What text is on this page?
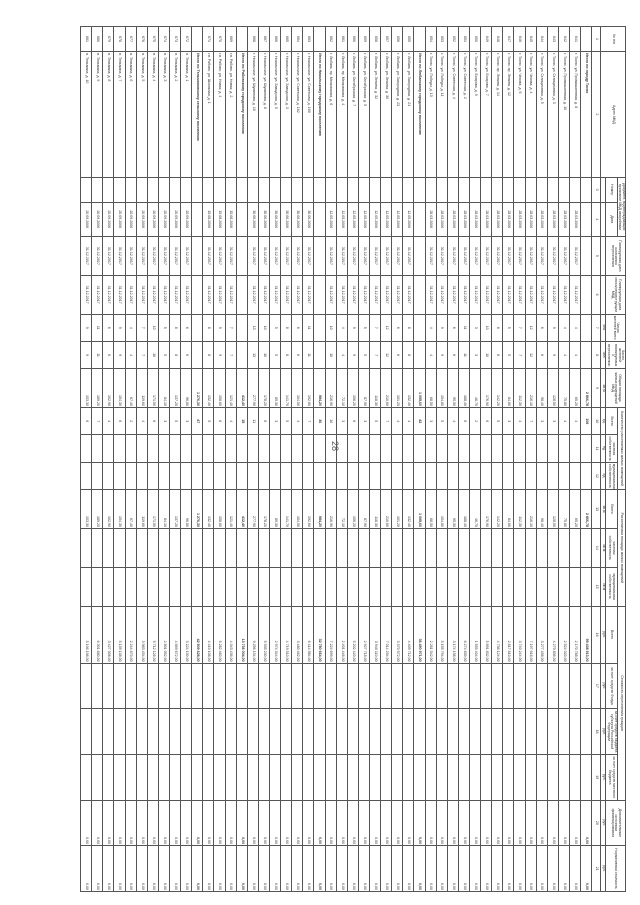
28
№ п/п	Адрес МКД	Документ, подтверждающий признание МКД аварийным		Планируемая дата окончания переселения	Планируемая дата сноса/реконструкции МКД	Число жителей всего	Число жителей планируемых к переселению	Общая площадь жилых помещений МКД	Количество расселяемых жилых помещений			Расселяемая площадь жилых помещений			Стоимость переселения граждан				Дополнительные источники финансирования	Нормативная стоимость
		Номер	Дата						Всего	частная собственность	муниципальная собственность	Всего	частная собственность	муниципальная собственность	Всего	за счет средств Фонда	за счет средств бюджета субъекта Российской Федерации	за счет средств местного бюджета		
						чел.	чел.	кв.м	ед.	ед.	ед.	кв.м	кв.м	кв.м	руб.	руб.	руб.	руб.	руб.	руб.
1	2	3	4	5	6	7	8	9	10	11	12	13	14	15	16	17	18	19	20	21
	Итого по городу Тосно							2 866,78	108			2 866,78			95 438 913,00				0,00	0,00
641	г. Тосно, ул. Промышленная, д. 8		28.03.2006	31.12.2017	31.12.2017	4	4	65,20	4			65,20			2 170 788,00				0,00	0,00
642	г. Тосно, ул. Промышленная, д. 10		28.03.2006	31.12.2017	31.12.2017	4	4	75,80	4			75,80			2 524 020,00				0,00	0,00
643	г. Тосно, ул. Станционная, д. 3		28.03.2006	31.12.2017	31.12.2017	9	9	128,50	3			128,50			4 279 836,00				0,00	0,00
644	г. Тосно, ул. Станционная, д. 5		28.03.2006	31.12.2017	31.12.2017	6	6	98,40	3			98,40			3 277 458,00				0,00	0,00
645	г. Тосно, ул. Чехова, д. 4		28.03.2006	31.12.2017	31.12.2017	12	12	216,10	7			216,10			7 197 618,00				0,00	0,00
646	г. Тосно, ул. Чехова, д. 6		28.03.2006	31.12.2017	31.12.2017	7	7	112,30	4			112,30			3 740 244,00				0,00	0,00
647	г. Тосно, пр. Ленина, д. 12		28.03.2006	31.12.2017	31.12.2017	5	5	84,60	3			84,60			2 817 810,00				0,00	0,00
648	г. Тосно, пр. Ленина, д. 14		28.03.2006	31.12.2017	31.12.2017	8	8	142,20	5			142,20			4 736 124,00				0,00	0,00
649	г. Тосно, ул. Боярова, д. 7		28.03.2006	31.12.2017	31.12.2017	10	10	176,90	6			176,90			5 891 832,00				0,00	0,00
650	г. Тосно, ул. Боярова, д. 9		28.03.2006	31.12.2017	31.12.2017	3	3	46,70	2			46,70			1 555 404,00				0,00	0,00
651	г. Тосно, ул. Советская, д. 2		28.03.2006	31.12.2017	31.12.2017	11	11	188,40	6			188,40			6 274 830,00				0,00	0,00
652	г. Тосно, ул. Советская, д. 4		28.03.2006	31.12.2017	31.12.2017	6	6	95,30	4			95,30			3 174 198,00				0,00	0,00
653	г. Тосно, ул. Победы, д. 11		28.03.2006	31.12.2017	31.12.2017	9	9	154,80	5			154,80			5 155 794,00				0,00	0,00
654	г. Тосно, ул. Победы, д. 13		28.03.2006	31.12.2017	31.12.2017	4	4	68,50	3			68,50			2 281 542,00				0,00	0,00
	Итого по Любанскому городскому поселению							1 095,60	42			1 095,60			36 490 971,00				0,00	0,00
655	г. Любань, ул. Загородная, д. 21		12.05.2006	31.12.2017	31.12.2017	8	8	132,40	4			132,40			4 409 712,00				0,00	0,00
656	г. Любань, ул. Загородная, д. 23		12.05.2006	31.12.2017	31.12.2017	6	6	101,20	4			101,20			3 370 572,00				0,00	0,00
657	г. Любань, ул. Ленина, д. 30		12.05.2006	31.12.2017	31.12.2017	12	12	210,60	7			210,60			7 014 294,00				0,00	0,00
658	г. Любань, ул. Ленина, д. 32		12.05.2006	31.12.2017	31.12.2017	7	7	118,30	5			118,30			3 940 110,00				0,00	0,00
659	г. Любань, ул. Октябрьская, д. 5		12.05.2006	31.12.2017	31.12.2017	5	5	87,90	3			87,90			2 927 718,00				0,00	0,00
660	г. Любань, ул. Октябрьская, д. 7		12.05.2006	31.12.2017	31.12.2017	9	9	156,20	6			156,20			5 202 420,00				0,00	0,00
661	г. Любань, пр. Мельникова, д. 4		12.05.2006	31.12.2017	31.12.2017	4	4	72,10	3			72,10			2 401 446,00				0,00	0,00
662	г. Любань, пр. Мельникова, д. 6		12.05.2006	31.12.2017	31.12.2017	10	10	216,90	10			216,90			7 224 699,00				0,00	0,00
	Итого по Никольскому городскому поселению							984,20	36			984,20			32 780 664,00				0,00	0,00
663	г. Никольское, ул. Советская, д. 160		30.06.2006	31.12.2017	31.12.2017	11	11	192,60	7			192,60			6 414 984,00				0,00	0,00
664	г. Никольское, ул. Советская, д. 162		30.06.2006	31.12.2017	31.12.2017	6	6	104,50	4			104,50			3 480 462,00				0,00	0,00
665	г. Никольское, ул. Заводская, д. 3		30.06.2006	31.12.2017	31.12.2017	8	8	141,70	5			141,70			4 719 510,00				0,00	0,00
666	г. Никольское, ул. Заводская, д. 5		30.06.2006	31.12.2017	31.12.2017	5	5	89,30	3			89,30			2 974 344,00				0,00	0,00
667	г. Никольское, ул. Шумилова, д. 8		30.06.2006	31.12.2017	31.12.2017	10	10	178,20	6			178,20			5 935 230,00				0,00	0,00
668	г. Никольское, ул. Шумилова, д. 10		30.06.2006	31.12.2017	31.12.2017	13	13	277,90	11			277,90			9 256 134,00				0,00	0,00
	Итого по Рябовскому городскому поселению							412,40	15			412,40			13 736 004,00				0,00	0,00
669	г.п. Рябово, ул. Новая, д. 2		15.08.2006	31.12.2017	31.12.2017	7	7	121,40	4			121,40			4 043 436,00				0,00	0,00
670	г.п. Рябово, ул. Новая, д. 4		15.08.2006	31.12.2017	31.12.2017	9	9	158,60	6			158,60			5 282 460,00				0,00	0,00
671	г.п. Рябово, ул. Школьная, д. 1		15.08.2006	31.12.2017	31.12.2017	8	8	132,40	5			132,40			4 410 108,00				0,00	0,00
	Итого по Тельмановскому сельскому поселению							1 276,30	47			1 276,30			42 509 628,00				0,00	0,00
672	п. Тельмана, д. 1		20.09.2006	31.12.2017	31.12.2017	6	6	96,80	3			96,80			3 224 130,00				0,00	0,00
673	п. Тельмана, д. 2		20.09.2006	31.12.2017	31.12.2017	8	8	137,20	5			137,20			4 569 672,00				0,00	0,00
674	п. Тельмана, д. 3		20.09.2006	31.12.2017	31.12.2017	5	5	84,10	3			84,10			2 801 052,00				0,00	0,00
675	п. Тельмана, д. 4		20.09.2006	31.12.2017	31.12.2017	10	10	171,50	6			171,50			5 712 126,00				0,00	0,00
676	п. Тельмана, д. 5		20.09.2006	31.12.2017	31.12.2017	7	7	119,60	4			119,60			3 983 454,00				0,00	0,00
677	п. Тельмана, д. 6		20.09.2006	31.12.2017	31.12.2017	4	4	67,40	2			67,40			2 244 870,00				0,00	0,00
678	п. Тельмана, д. 7		20.09.2006	31.12.2017	31.12.2017	9	9	154,30	6			154,30			5 139 138,00				0,00	0,00
679	п. Тельмана, д. 8		20.09.2006	31.12.2017	31.12.2017	6	6	102,90	4			102,90			3 427 308,00				0,00	0,00
680	п. Тельмана, д. 9		20.09.2006	31.12.2017	31.12.2017	11	11	189,20	7			189,20			6 301 680,00				0,00	0,00
681	п. Тельмана, д. 10		20.09.2006	31.12.2017	31.12.2017	9	9	153,30	6			153,30			5 106 198,00				0,00	0,00
